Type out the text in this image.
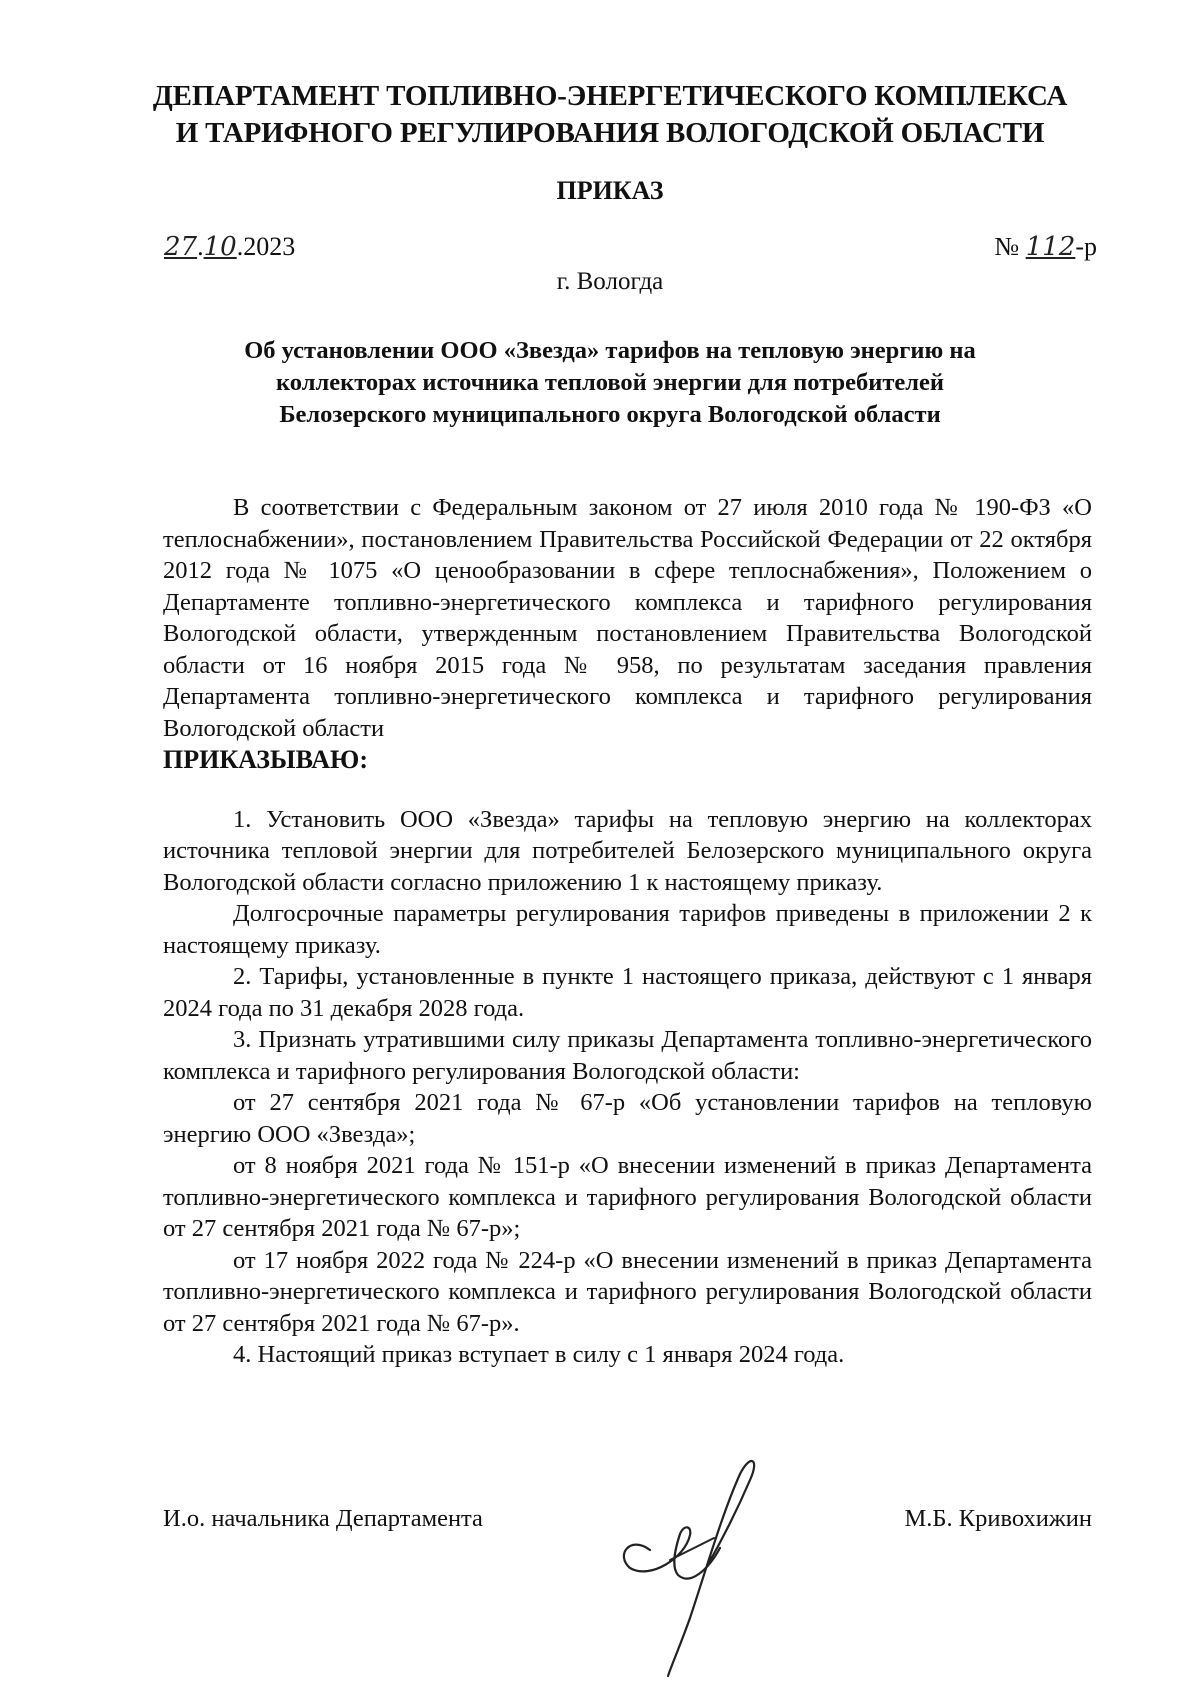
ДЕПАРТАМЕНТ ТОПЛИВНО-ЭНЕРГЕТИЧЕСКОГО КОМПЛЕКСА
И ТАРИФНОГО РЕГУЛИРОВАНИЯ ВОЛОГОДСКОЙ ОБЛАСТИ
ПРИКАЗ
27.10.2023	№ 112-р
г. Вологда
Об установлении ООО «Звезда» тарифов на тепловую энергию на
коллекторах источника тепловой энергии для потребителей
Белозерского муниципального округа Вологодской области

В соответствии с Федеральным законом от 27 июля 2010 года № 190-ФЗ «О теплоснабжении», постановлением Правительства Российской Федерации от 22 октября 2012 года № 1075 «О ценообразовании в сфере теплоснабжения», Положением о Департаменте топливно-энергетического комплекса и тарифного регулирования Вологодской области, утвержденным постановлением Правительства Вологодской области от 16 ноября 2015 года № 958, по результатам заседания правления Департамента топливно-энергетического комплекса и тарифного регулирования Вологодской области

ПРИКАЗЫВАЮ:

1. Установить ООО «Звезда» тарифы на тепловую энергию на коллекторах источника тепловой энергии для потребителей Белозерского муниципального округа Вологодской области согласно приложению 1 к настоящему приказу.

Долгосрочные параметры регулирования тарифов приведены в приложении 2 к настоящему приказу.

2. Тарифы, установленные в пункте 1 настоящего приказа, действуют с 1 января 2024 года по 31 декабря 2028 года.

3. Признать утратившими силу приказы Департамента топливно-энергетического комплекса и тарифного регулирования Вологодской области:

от 27 сентября 2021 года № 67-р «Об установлении тарифов на тепловую энергию ООО «Звезда»;

от 8 ноября 2021 года № 151-р «О внесении изменений в приказ Департамента топливно-энергетического комплекса и тарифного регулирования Вологодской области от 27 сентября 2021 года № 67-р»;

от 17 ноября 2022 года № 224-р «О внесении изменений в приказ Департамента топливно-энергетического комплекса и тарифного регулирования Вологодской области от 27 сентября 2021 года № 67-р».

4. Настоящий приказ вступает в силу с 1 января 2024 года.

И.о. начальника Департамента	М.Б. Кривохижин
